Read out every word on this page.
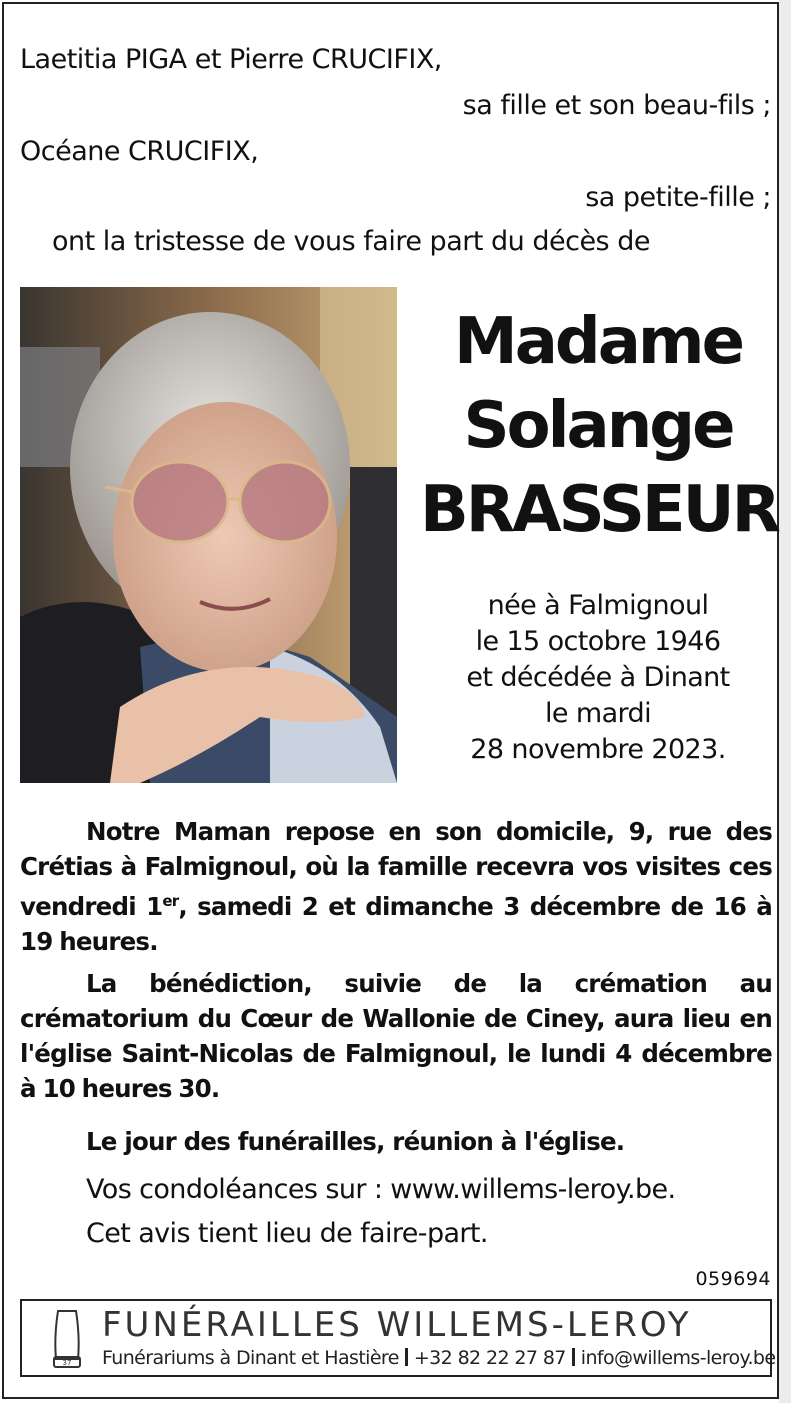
Laetitia PIGA et Pierre CRUCIFIX,
sa fille et son beau-fils ;
Océane CRUCIFIX,
sa petite-fille ;
ont la tristesse de vous faire part du décès de
Madame
Solange
BRASSEUR
née à Falmignoul
le 15 octobre 1946
et décédée à Dinant
le mardi
28 novembre 2023.
Notre Maman repose en son domicile, 9, rue des Crétias à Falmignoul, où la famille recevra vos visites ces vendredi 1er, samedi 2 et dimanche 3 décembre de 16 à 19 heures.
La bénédiction, suivie de la crémation au crématorium du Cœur de Wallonie de Ciney, aura lieu en l'église Saint-Nicolas de Falmignoul, le lundi 4 décembre à 10 heures 30.
Le jour des funérailles, réunion à l'église.
Vos condoléances sur : www.willems-leroy.be.
Cet avis tient lieu de faire-part.
059694
37
FUNÉRAILLES WILLEMS-LEROY
Funérariums à Dinant et Hastière +32 82 22 27 87 info@willems-leroy.be
